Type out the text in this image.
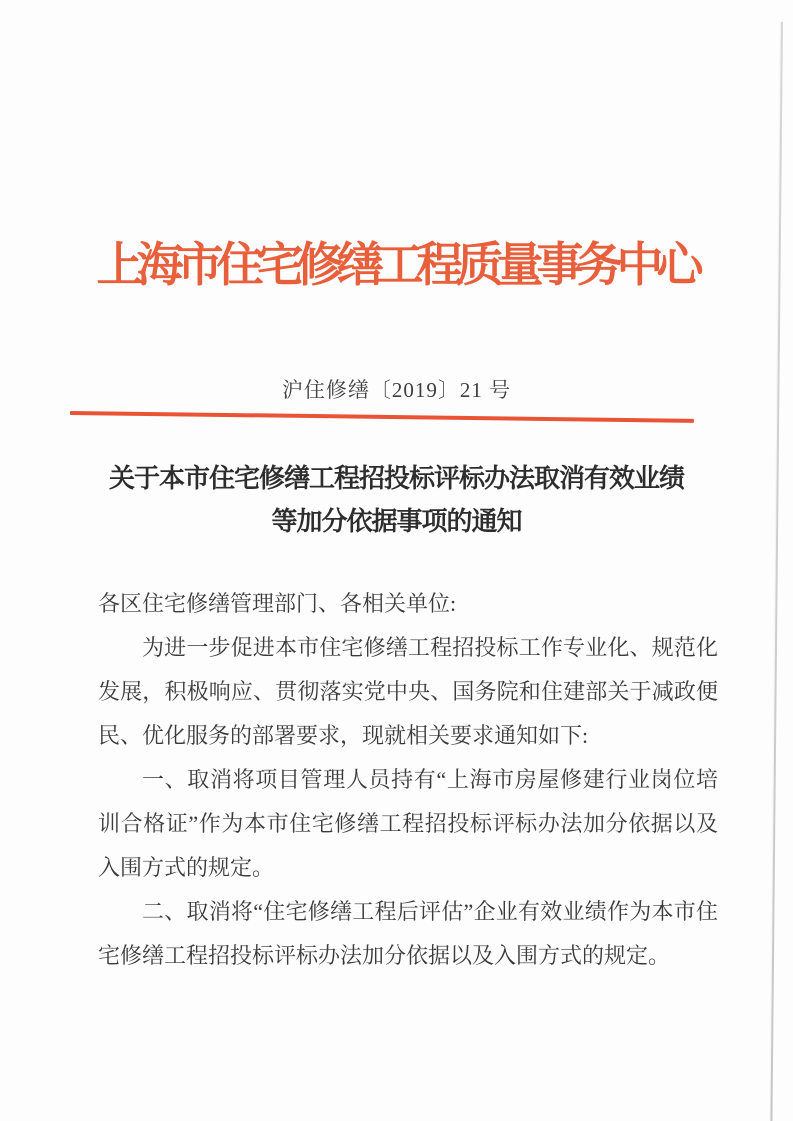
上海市住宅修缮工程质量事务中心
沪住修缮〔2019〕21 号
关于本市住宅修缮工程招投标评标办法取消有效业绩
等加分依据事项的通知

各区住宅修缮管理部门、各相关单位:

为进一步促进本市住宅修缮工程招投标工作专业化、规范化发展，积极响应、贯彻落实党中央、国务院和住建部关于减政便民、优化服务的部署要求，现就相关要求通知如下:

一、取消将项目管理人员持有“上海市房屋修建行业岗位培训合格证”作为本市住宅修缮工程招投标评标办法加分依据以及入围方式的规定。

二、取消将“住宅修缮工程后评估”企业有效业绩作为本市住宅修缮工程招投标评标办法加分依据以及入围方式的规定。
